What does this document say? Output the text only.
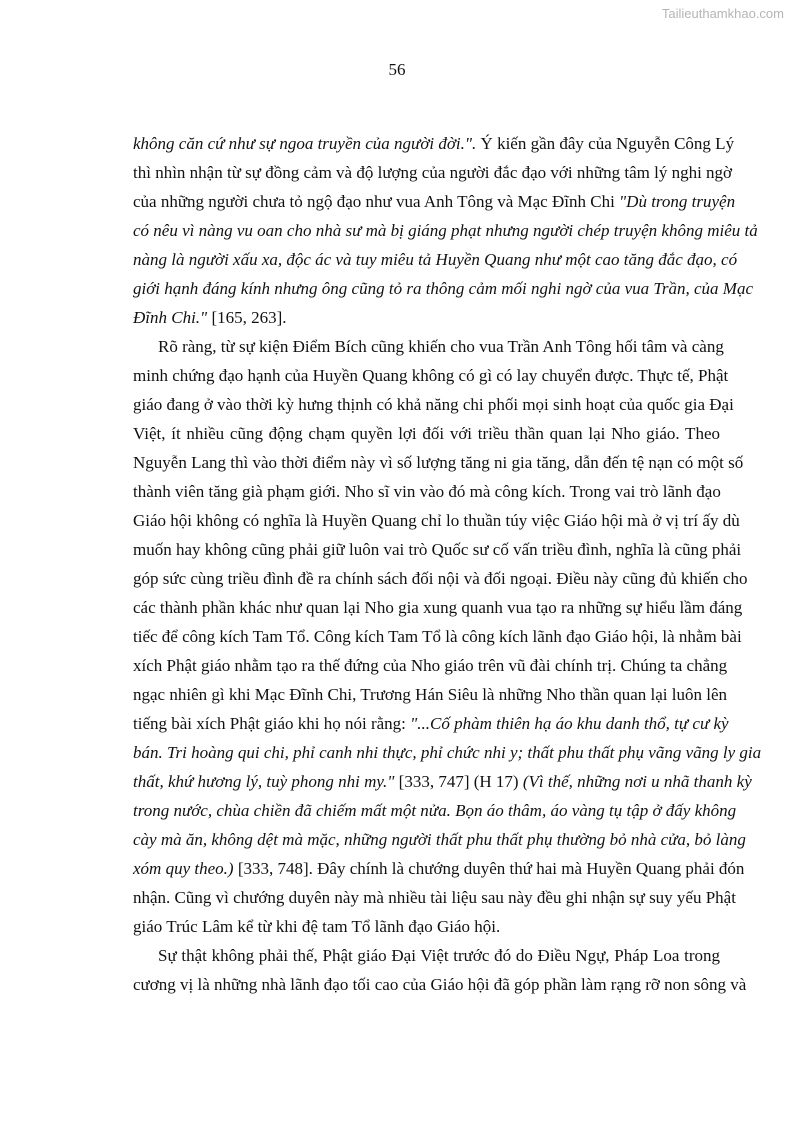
Tailieuthamkhao.com
56
không căn cứ như sự ngoa truyền của người đời.". Ý kiến gần đây của Nguyễn Công Lý
thì nhìn nhận từ sự đồng cảm và độ lượng của người đắc đạo với những tâm lý nghi ngờ
của những người chưa tỏ ngộ đạo như vua Anh Tông và Mạc Đĩnh Chi "Dù trong truyện
có nêu vì nàng vu oan cho nhà sư mà bị giáng phạt nhưng người chép truyện không miêu tả
nàng là người xấu xa, độc ác và tuy miêu tả Huyền Quang như một cao tăng đắc đạo, có
giới hạnh đáng kính nhưng ông cũng tỏ ra thông cảm mối nghi ngờ của vua Trần, của Mạc
Đĩnh Chi." [165, 263].
Rõ ràng, từ sự kiện Điểm Bích cũng khiến cho vua Trần Anh Tông hối tâm và càng
minh chứng đạo hạnh của Huyền Quang không có gì có lay chuyển được. Thực tế, Phật
giáo đang ở vào thời kỳ hưng thịnh có khả năng chi phối mọi sinh hoạt của quốc gia Đại
Việt, ít nhiều cũng động chạm quyền lợi đối với triều thần quan lại Nho giáo. Theo
Nguyễn Lang thì vào thời điểm này vì số lượng tăng ni gia tăng, dẫn đến tệ nạn có một số
thành viên tăng già phạm giới. Nho sĩ vin vào đó mà công kích. Trong vai trò lãnh đạo
Giáo hội không có nghĩa là Huyền Quang chỉ lo thuần túy việc Giáo hội mà ở vị trí ấy dù
muốn hay không cũng phải giữ luôn vai trò Quốc sư cố vấn triều đình, nghĩa là cũng phải
góp sức cùng triều đình đề ra chính sách đối nội và đối ngoại. Điều này cũng đủ khiến cho
các thành phần khác như quan lại Nho gia xung quanh vua tạo ra những sự hiểu lầm đáng
tiếc để công kích Tam Tổ. Công kích Tam Tổ là công kích lãnh đạo Giáo hội, là nhằm bài
xích Phật giáo nhằm tạo ra thế đứng của Nho giáo trên vũ đài chính trị. Chúng ta chẳng
ngạc nhiên gì khi Mạc Đĩnh Chi, Trương Hán Siêu là những Nho thần quan lại luôn lên
tiếng bài xích Phật giáo khi họ nói rằng: "...Cố phàm thiên hạ áo khu danh thổ, tự cư kỳ
bán. Tri hoàng qui chi, phỉ canh nhi thực, phỉ chức nhi y; thất phu thất phụ vãng vãng ly gia
thất, khứ hương lý, tuỳ phong nhi my." [333, 747] (H 17) (Vì thế, những nơi u nhã thanh kỳ
trong nước, chùa chiền đã chiếm mất một nửa. Bọn áo thâm, áo vàng tụ tập ở đấy không
cày mà ăn, không dệt mà mặc, những người thất phu thất phụ thường bỏ nhà cửa, bỏ làng
xóm quy theo.) [333, 748]. Đây chính là chướng duyên thứ hai mà Huyền Quang phải đón
nhận. Cũng vì chướng duyên này mà nhiều tài liệu sau này đều ghi nhận sự suy yếu Phật
giáo Trúc Lâm kể từ khi đệ tam Tổ lãnh đạo Giáo hội.
Sự thật không phải thế, Phật giáo Đại Việt trước đó do Điều Ngự, Pháp Loa trong
cương vị là những nhà lãnh đạo tối cao của Giáo hội đã góp phần làm rạng rỡ non sông và
